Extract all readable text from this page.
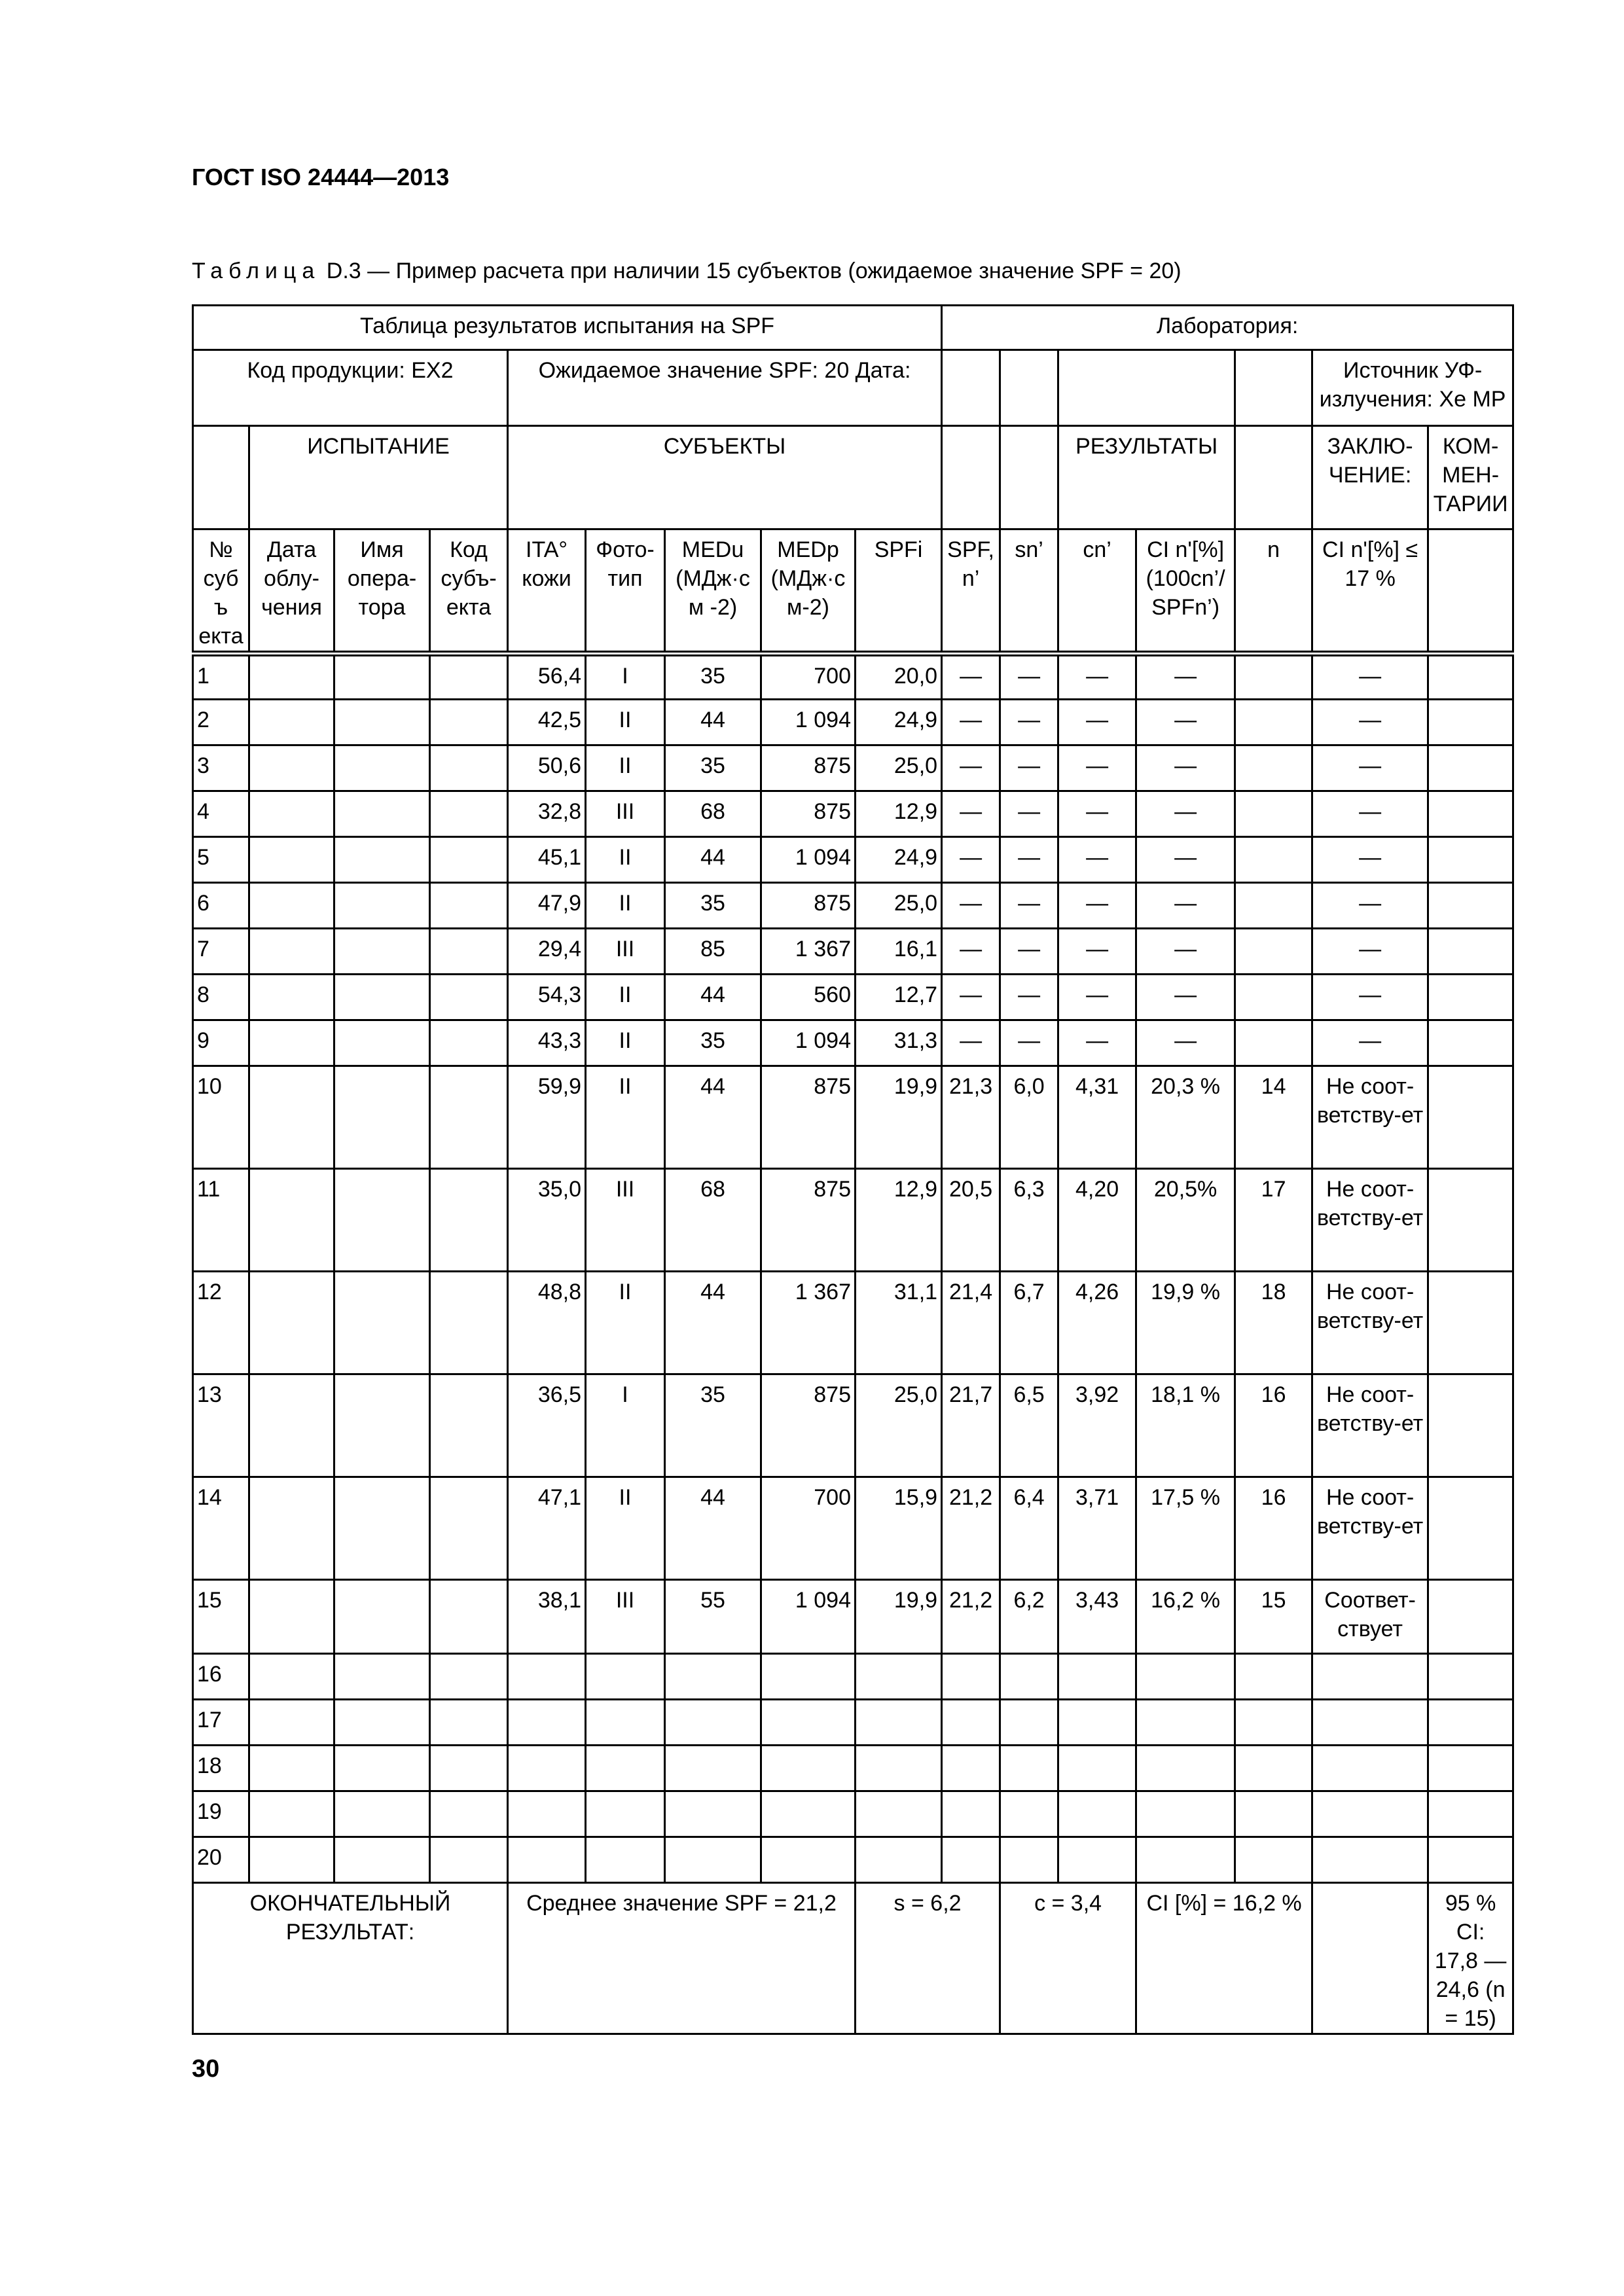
ГОСТ ISO 24444—2013
Таблица D.3 — Пример расчета при наличии 15 субъектов (ожидаемое значение SPF = 20)
Таблица результатов испытания на SPF									Лаборатория:						
Код продукции: EX2				Ожидаемое значение SPF: 20 Дата:										Источник УФ-излучения: Xe MP	
	ИСПЫТАНИЕ			СУБЪЕКТЫ							РЕЗУЛЬТАТЫ			ЗАКЛЮ-ЧЕНИЕ:	КОМ-МЕН-ТАРИИ
№ субъ екта	Дата облу-чения	Имя опера-тора	Код субъ-екта	ITA° кожи	Фото-тип	MEDu (МДж·см -2)	MEDp (МДж·с м-2)	SPFi	SPF, n’	sn’	cn’	CI n'[%] (100cn’/ SPFn’)	n	CI n'[%] ≤ 17 %	
1				56,4	I	35	700	20,0	—	—	—	—		—	
2				42,5	II	44	1 094	24,9	—	—	—	—		—	
3				50,6	II	35	875	25,0	—	—	—	—		—	
4				32,8	III	68	875	12,9	—	—	—	—		—	
5				45,1	II	44	1 094	24,9	—	—	—	—		—	
6				47,9	II	35	875	25,0	—	—	—	—		—	
7				29,4	III	85	1 367	16,1	—	—	—	—		—	
8				54,3	II	44	560	12,7	—	—	—	—		—	
9				43,3	II	35	1 094	31,3	—	—	—	—		—	
10				59,9	II	44	875	19,9	21,3	6,0	4,31	20,3 %	14	Не соот-ветству-ет	
11				35,0	III	68	875	12,9	20,5	6,3	4,20	20,5%	17	Не соот-ветству-ет	
12				48,8	II	44	1 367	31,1	21,4	6,7	4,26	19,9 %	18	Не соот-ветству-ет	
13				36,5	I	35	875	25,0	21,7	6,5	3,92	18,1 %	16	Не соот-ветству-ет	
14				47,1	II	44	700	15,9	21,2	6,4	3,71	17,5 %	16	Не соот-ветству-ет	
15				38,1	III	55	1 094	19,9	21,2	6,2	3,43	16,2 %	15	Соответ-ствует	
16															
17															
18															
19															
20															
ОКОНЧАТЕЛЬНЫЙ РЕЗУЛЬТАТ:				Среднее значение SPF = 21,2				s = 6,2		c = 3,4		CI [%] = 16,2 %			95 % CI: 17,8 — 24,6 (n = 15)
30
